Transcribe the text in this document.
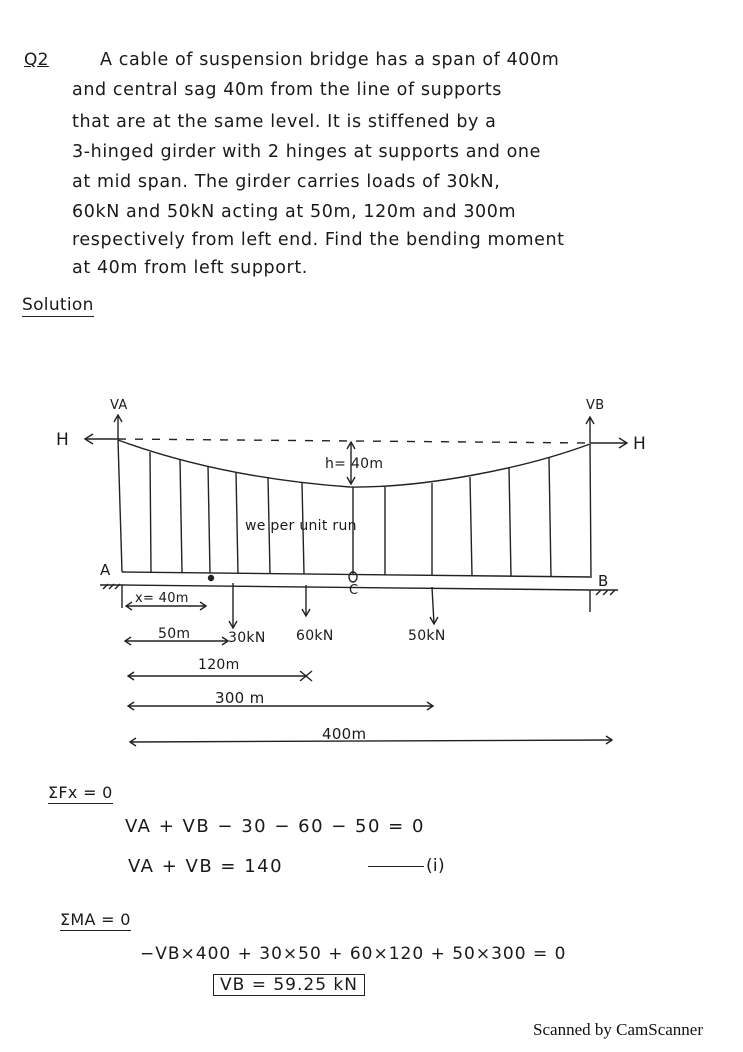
Q2	A cable of suspension bridge has a span of 400m
and central sag 40m from the line of supports
that are at the same level. It is stiffened by a
3-hinged girder with 2 hinges at supports and one
at mid span. The girder carries loads of 30kN,
60kN and 50kN acting at 50m, 120m and 300m
respectively from left end. Find the bending moment
at 40m from left support.
Solution
VA	VB
H	H
h= 40m
we per unit run
A
B
C
x= 40m
50m	30kN 60kN	50kN
120m
300 m
400m
ΣFx = 0
VA + VB − 30 − 60 − 50 = 0
VA + VB = 140	(i)
ΣMA = 0
−VB×400 + 30×50 + 60×120 + 50×300 = 0
VB = 59.25 kN
Scanned by CamScanner
